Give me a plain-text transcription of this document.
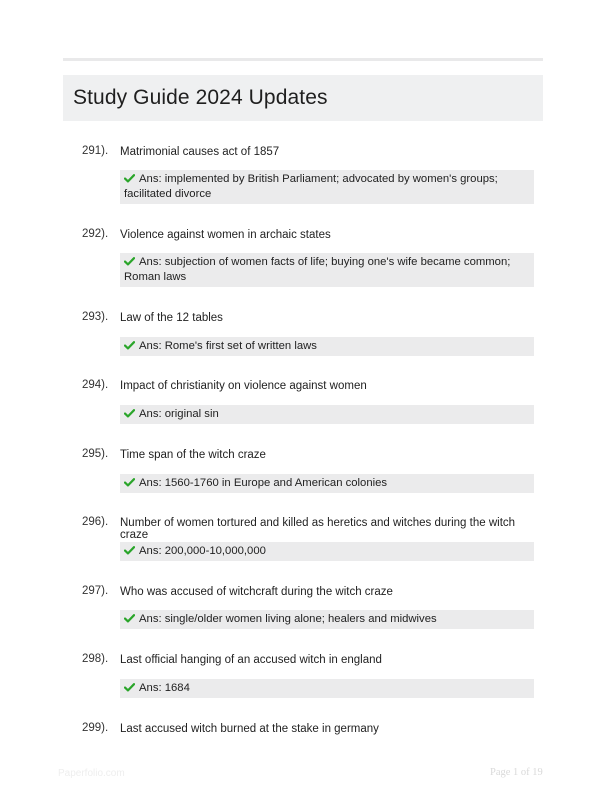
Study Guide 2024 Updates
291). Matrimonial causes act of 1857
Ans: implemented by British Parliament; advocated by women's groups; facilitated divorce
292). Violence against women in archaic states
Ans: subjection of women facts of life; buying one's wife became common; Roman laws
293). Law of the 12 tables
Ans: Rome's first set of written laws
294). Impact of christianity on violence against women
Ans: original sin
295). Time span of the witch craze
Ans: 1560-1760 in Europe and American colonies
296). Number of women tortured and killed as heretics and witches during the witch craze
Ans: 200,000-10,000,000
297). Who was accused of witchcraft during the witch craze
Ans: single/older women living alone; healers and midwives
298). Last official hanging of an accused witch in england
Ans: 1684
299). Last accused witch burned at the stake in germany
Paperfolio.com	Page 1 of 19
